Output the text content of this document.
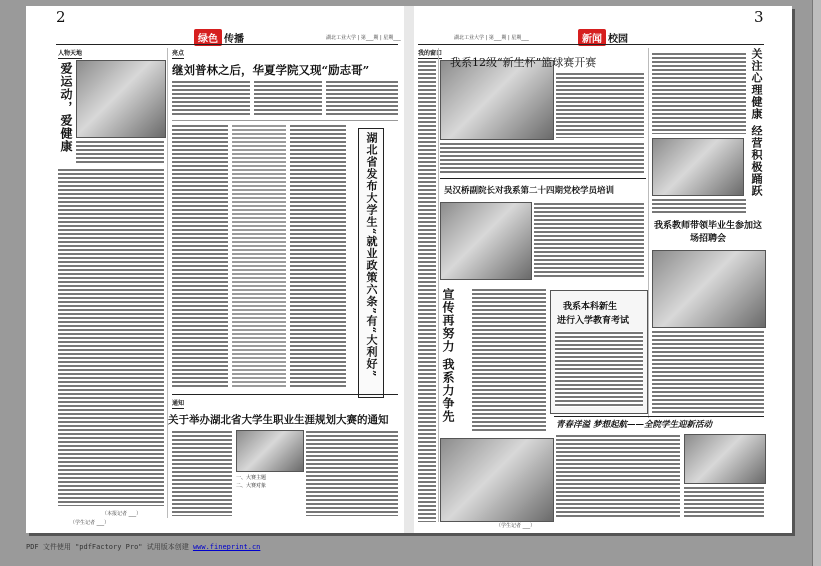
2
绿色 传播	湖北工业大学 | 第___期 | 星期___
人物天地
爱运动，爱健康
（本报记者 ___）
亮点
继刘普林之后，华夏学院又现“励志哥”
湖北省发布大学生“就业政策六条”有“大利好”
通知
关于举办湖北省大学生职业生涯规划大赛的通知
一、大赛主题
二、大赛对象
（学生记者 ___）
湖北工业大学 | 第___期 | 星期___	新闻 校园
3
我的窗口
我系12级“新生杯”篮球赛开赛
吴汉桥副院长对我系第二十四期党校学员培训
宣传再努力 我系力争先	我系本科新生
进行入学教育考试
关注心理健康 经营积极踊跃
我系教师带领毕业生参加这场招聘会
青春洋溢 梦想起航——全院学生迎新活动
（学生记者 ___）
PDF 文件使用 "pdfFactory Pro" 试用版本创建 www.fineprint.cn
